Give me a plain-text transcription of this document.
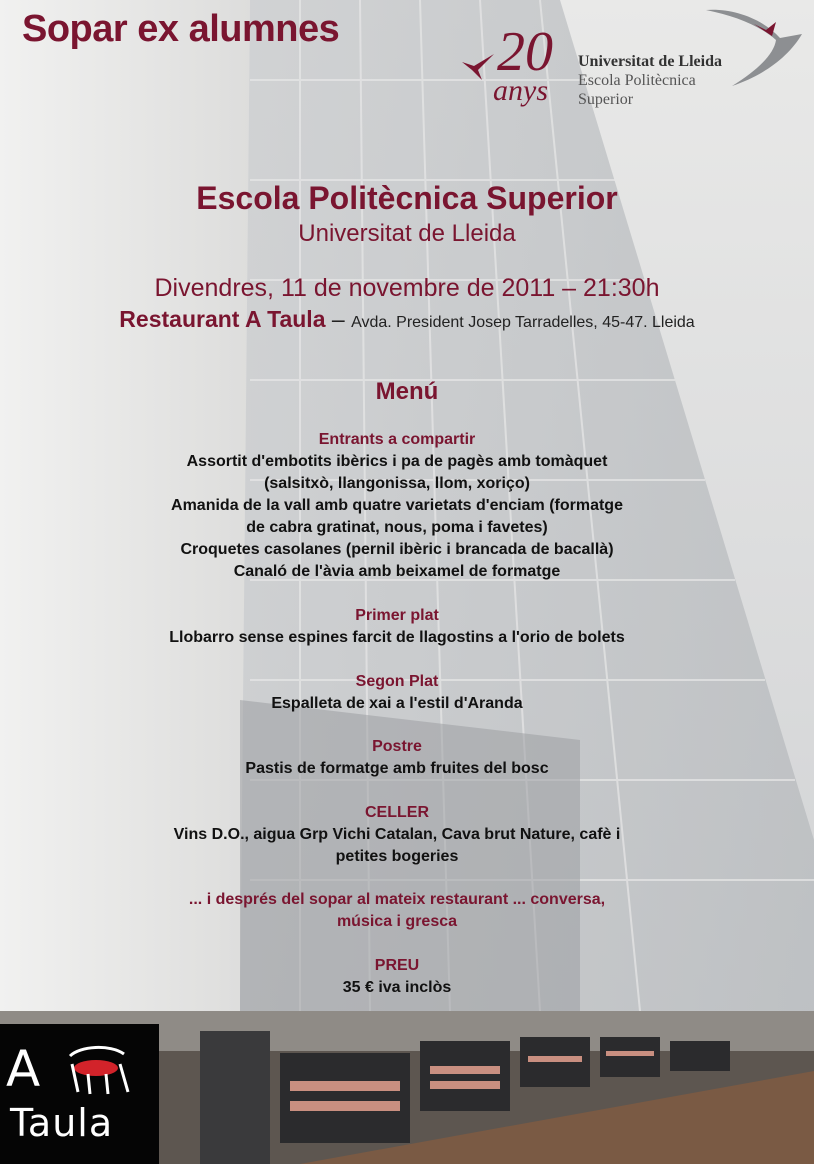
Sopar ex alumnes	20
anys
Universitat de Lleida
Escola Politècnica
Superior
Escola Politècnica Superior
Universitat de Lleida
Divendres, 11 de novembre de 2011 – 21:30h
Restaurant A Taula – Avda. President Josep Tarradelles, 45-47. Lleida
Menú
Entrants a compartir
Assortit d'embotits ibèrics i pa de pagès amb tomàquet
(salsitxò, llangonissa, llom, xoriço)
Amanida de la vall amb quatre varietats d'enciam (formatge
de cabra gratinat, nous, poma i favetes)
Croquetes casolanes (pernil ibèric i brancada de bacallà)
Canaló de l'àvia amb beixamel de formatge
Primer plat
Llobarro sense espines farcit de llagostins a l'orio de bolets
Segon Plat
Espalleta de xai a l'estil d'Aranda
Postre
Pastis de formatge amb fruites del bosc
CELLER
Vins D.O., aigua Grp Vichi Catalan, Cava brut Nature, cafè i
petites bogeries
... i després del sopar al mateix restaurant ... conversa,
música i gresca
PREU
35 € iva inclòs
A
Taula
